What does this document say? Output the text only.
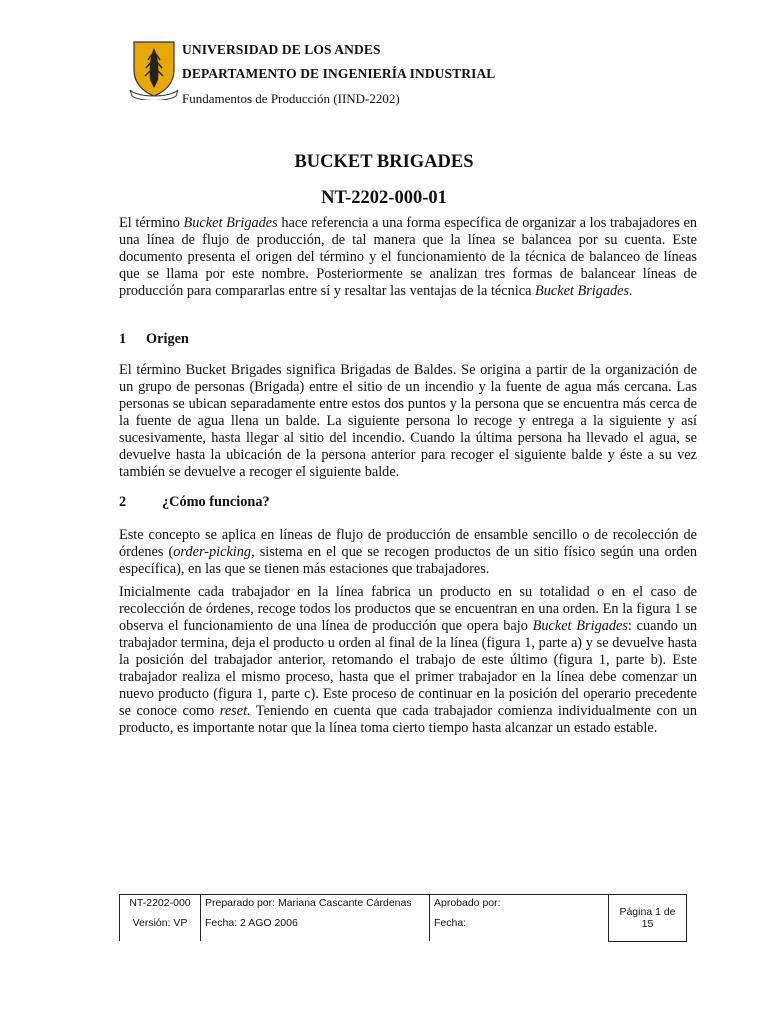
UNIVERSIDAD DE LOS ANDES
DEPARTAMENTO DE INGENIERÍA INDUSTRIAL
Fundamentos de Producción (IIND-2202)
BUCKET BRIGADES
NT-2202-000-01

El término Bucket Brigades hace referencia a una forma específica de organizar a los trabajadores en una línea de flujo de producción, de tal manera que la línea se balancea por su cuenta. Este documento presenta el origen del término y el funcionamiento de la técnica de balanceo de líneas que se llama por este nombre. Posteriormente se analizan tres formas de balancear líneas de producción para compararlas entre sí y resaltar las ventajas de la técnica Bucket Brigades.

1 Origen

El término Bucket Brigades significa Brigadas de Baldes. Se origina a partir de la organización de un grupo de personas (Brigada) entre el sitio de un incendio y la fuente de agua más cercana. Las personas se ubican separadamente entre estos dos puntos y la persona que se encuentra más cerca de la fuente de agua llena un balde. La siguiente persona lo recoge y entrega a la siguiente y así sucesivamente, hasta llegar al sitio del incendio. Cuando la última persona ha llevado el agua, se devuelve hasta la ubicación de la persona anterior para recoger el siguiente balde y éste a su vez también se devuelve a recoger el siguiente balde.

2	¿Cómo funciona?

Este concepto se aplica en líneas de flujo de producción de ensamble sencillo o de recolección de órdenes (order-picking, sistema en el que se recogen productos de un sitio físico según una orden específica), en las que se tienen más estaciones que trabajadores.

Inicialmente cada trabajador en la línea fabrica un producto en su totalidad o en el caso de recolección de órdenes, recoge todos los productos que se encuentran en una orden. En la figura 1 se observa el funcionamiento de una línea de producción que opera bajo Bucket Brigades: cuando un trabajador termina, deja el producto u orden al final de la línea (figura 1, parte a) y se devuelve hasta la posición del trabajador anterior, retomando el trabajo de este último (figura 1, parte b). Este trabajador realiza el mismo proceso, hasta que el primer trabajador en la línea debe comenzar un nuevo producto (figura 1, parte c). Este proceso de continuar en la posición del operario precedente se conoce como reset. Teniendo en cuenta que cada trabajador comienza individualmente con un producto, es importante notar que la línea toma cierto tiempo hasta alcanzar un estado estable.

NT-2202-000	Preparado por: Mariana Cascante Cárdenas	Aprobado por:	Página 1 de 15
Versión: VP	Fecha: 2 AGO 2006	Fecha:	
